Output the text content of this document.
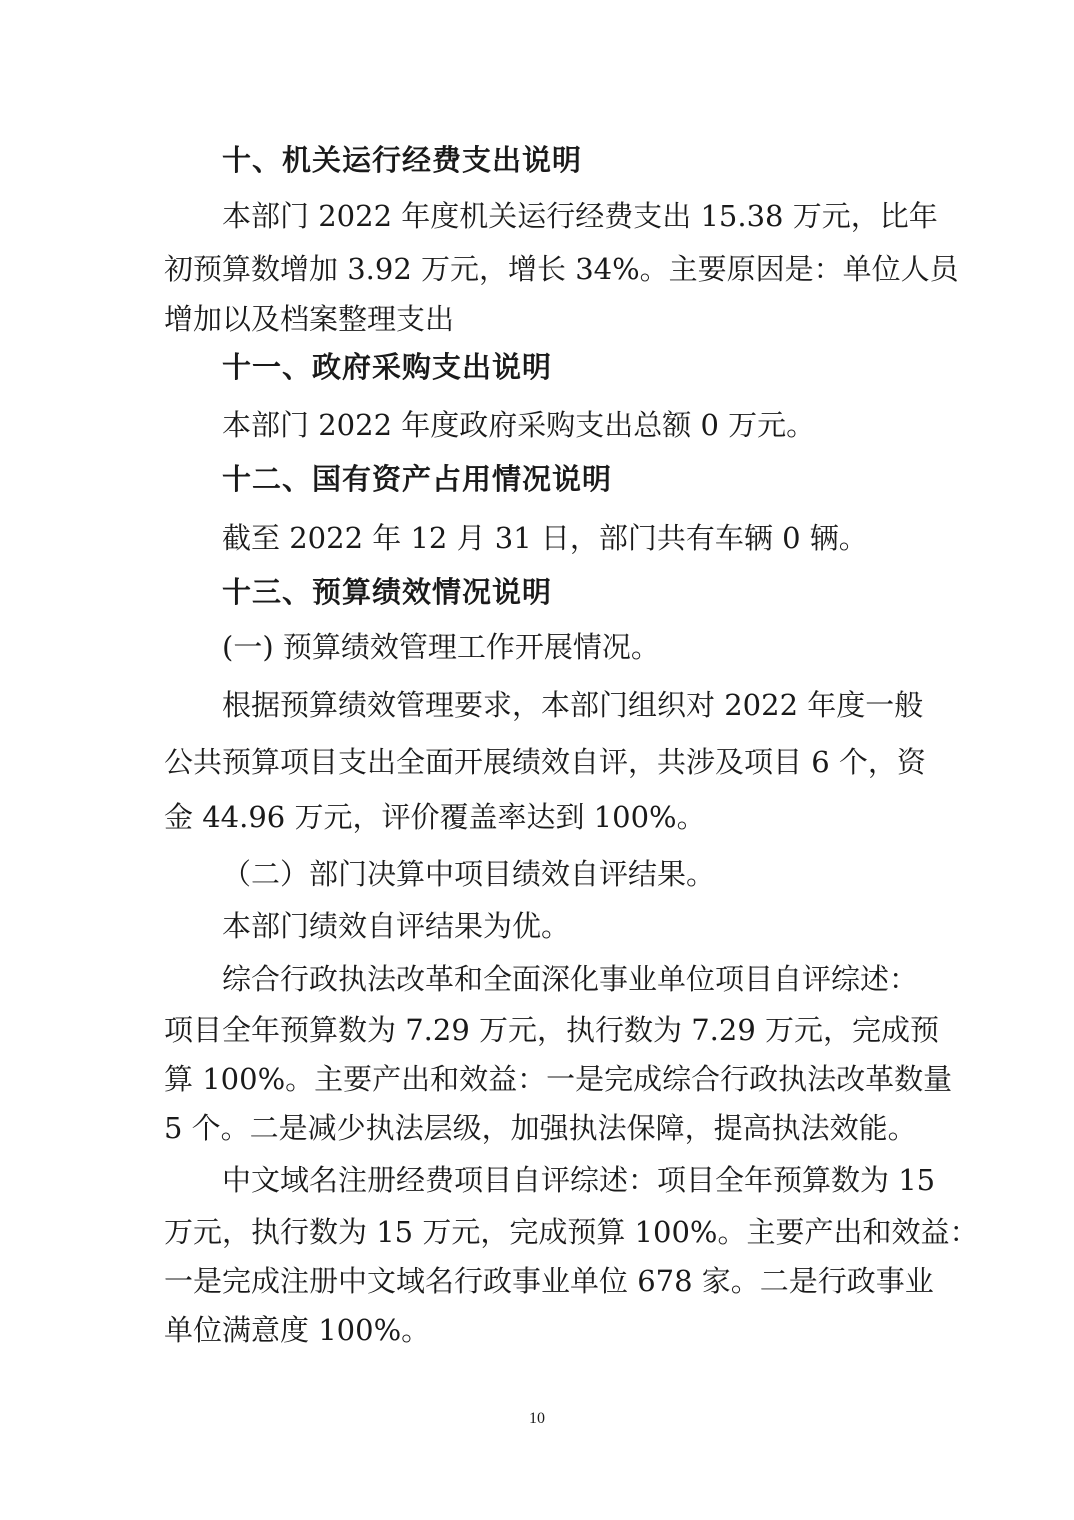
十、机关运行经费支出说明
本部门 2022 年度机关运行经费支出 15.38 万元，比年
初预算数增加 3.92 万元，增长 34%。主要原因是：单位人员
增加以及档案整理支出
十一、政府采购支出说明
本部门 2022 年度政府采购支出总额 0 万元。
十二、国有资产占用情况说明
截至 2022 年 12 月 31 日，部门共有车辆 0 辆。
十三、预算绩效情况说明
(一) 预算绩效管理工作开展情况。
根据预算绩效管理要求，本部门组织对 2022 年度一般
公共预算项目支出全面开展绩效自评，共涉及项目 6 个，资
金 44.96 万元，评价覆盖率达到 100%。
（二）部门决算中项目绩效自评结果。
本部门绩效自评结果为优。
综合行政执法改革和全面深化事业单位项目自评综述：
项目全年预算数为 7.29 万元，执行数为 7.29 万元，完成预
算 100%。主要产出和效益：一是完成综合行政执法改革数量
5 个。二是减少执法层级，加强执法保障，提高执法效能。
中文域名注册经费项目自评综述：项目全年预算数为 15
万元，执行数为 15 万元，完成预算 100%。主要产出和效益：
一是完成注册中文域名行政事业单位 678 家。二是行政事业
单位满意度 100%。
10
